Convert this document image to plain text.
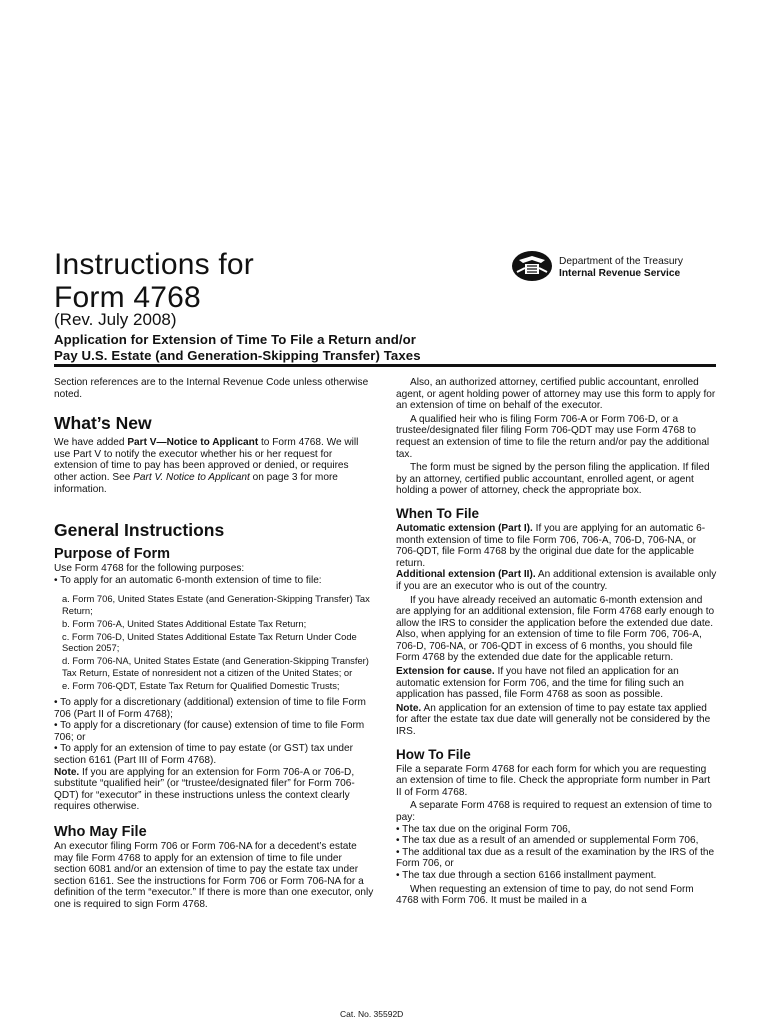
Instructions for
Form 4768
(Rev. July 2008)
Application for Extension of Time To File a Return and/or
Pay U.S. Estate (and Generation-Skipping Transfer) Taxes
Department of the Treasury
Internal Revenue Service

Section references are to the Internal Revenue Code unless otherwise noted.

What’s New

We have added Part V—Notice to Applicant to Form 4768. We will use Part V to notify the executor whether his or her request for extension of time to pay has been approved or denied, or requires other action. See Part V. Notice to Applicant on page 3 for more information.

General Instructions

Purpose of Form

Use Form 4768 for the following purposes:

• To apply for an automatic 6-month extension of time to file:

a. Form 706, United States Estate (and Generation-Skipping Transfer) Tax Return;

b. Form 706-A, United States Additional Estate Tax Return;

c. Form 706-D, United States Additional Estate Tax Return Under Code Section 2057;

d. Form 706-NA, United States Estate (and Generation-Skipping Transfer) Tax Return, Estate of nonresident not a citizen of the United States; or

e. Form 706-QDT, Estate Tax Return for Qualified Domestic Trusts;

• To apply for a discretionary (additional) extension of time to file Form 706 (Part II of Form 4768);

• To apply for a discretionary (for cause) extension of time to file Form 706; or

• To apply for an extension of time to pay estate (or GST) tax under section 6161 (Part III of Form 4768).

Note. If you are applying for an extension for Form 706-A or 706-D, substitute “qualified heir” (or “trustee/designated filer” for Form 706-QDT) for “executor” in these instructions unless the context clearly requires otherwise.

Who May File

An executor filing Form 706 or Form 706-NA for a decedent’s estate may file Form 4768 to apply for an extension of time to file under section 6081 and/or an extension of time to pay the estate tax under section 6161. See the instructions for Form 706 or Form 706-NA for a definition of the term “executor.” If there is more than one executor, only one is required to sign Form 4768.

Also, an authorized attorney, certified public accountant, enrolled agent, or agent holding power of attorney may use this form to apply for an extension of time on behalf of the executor.

A qualified heir who is filing Form 706-A or Form 706-D, or a trustee/designated filer filing Form 706-QDT may use Form 4768 to request an extension of time to file the return and/or pay the additional tax.

The form must be signed by the person filing the application. If filed by an attorney, certified public accountant, enrolled agent, or agent holding a power of attorney, check the appropriate box.

When To File

Automatic extension (Part I). If you are applying for an automatic 6-month extension of time to file Form 706, 706-A, 706-D, 706-NA, or 706-QDT, file Form 4768 by the original due date for the applicable return.

Additional extension (Part II). An additional extension is available only if you are an executor who is out of the country.

If you have already received an automatic 6-month extension and are applying for an additional extension, file Form 4768 early enough to allow the IRS to consider the application before the extended due date. Also, when applying for an extension of time to file Form 706, 706-A, 706-D, 706-NA, or 706-QDT in excess of 6 months, you should file Form 4768 by the extended due date for the applicable return.

Extension for cause. If you have not filed an application for an automatic extension for Form 706, and the time for filing such an application has passed, file Form 4768 as soon as possible.

Note. An application for an extension of time to pay estate tax applied for after the estate tax due date will generally not be considered by the IRS.

How To File

File a separate Form 4768 for each form for which you are requesting an extension of time to file. Check the appropriate form number in Part II of Form 4768.

A separate Form 4768 is required to request an extension of time to pay:

• The tax due on the original Form 706,

• The tax due as a result of an amended or supplemental Form 706,

• The additional tax due as a result of the examination by the IRS of the Form 706, or

• The tax due through a section 6166 installment payment.

When requesting an extension of time to pay, do not send Form 4768 with Form 706. It must be mailed in a

Cat. No. 35592D
